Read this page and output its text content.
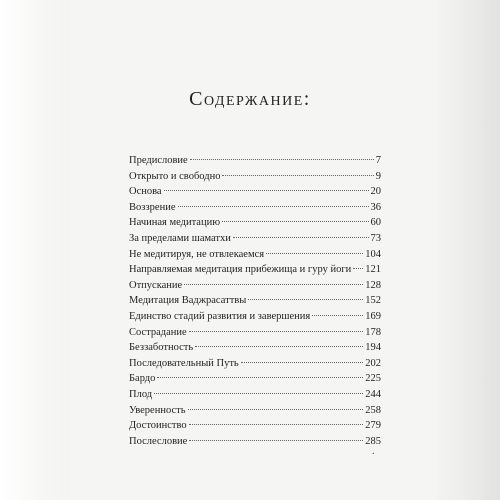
Содержание:
Предисловие	7
Открыто и свободно	9
Основа	20
Воззрение	36
Начиная медитацию	60
За пределами шаматхи	73
Не медитируя, не отвлекаемся	104
Направляемая медитация прибежища и гуру йоги 121
Отпускание	128
Медитация Ваджрасаттвы	152
Единство стадий развития и завершения	169
Сострадание	178
Беззаботность	194
Последовательный Путь	202
Бардо	225
Плод	244
Уверенность	258
Достоинство	279
Послесловие	285
.
